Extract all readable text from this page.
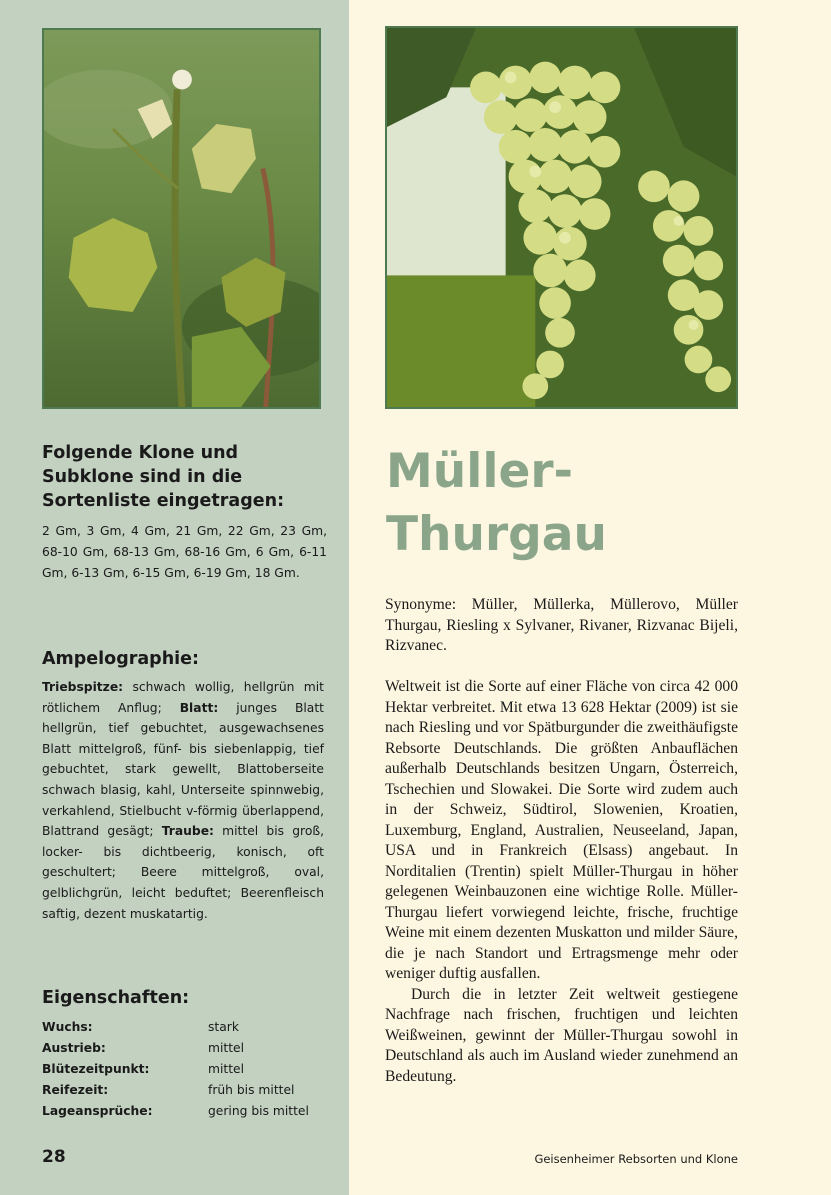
Folgende Klone und
Subklone sind in die
Sortenliste eingetragen:
2 Gm, 3 Gm, 4 Gm, 21 Gm, 22 Gm, 23 Gm, 68-10 Gm, 68-13 Gm, 68-16 Gm, 6 Gm, 6-11 Gm, 6-13 Gm, 6-15 Gm, 6-19 Gm, 18 Gm.
Ampelographie:
Triebspitze: schwach wollig, hellgrün mit rötlichem Anflug; Blatt: junges Blatt hellgrün, tief gebuchtet, ausgewachsenes Blatt mittelgroß, fünf- bis siebenlappig, tief gebuchtet, stark gewellt, Blattoberseite schwach blasig, kahl, Unterseite spinnwebig, verkahlend, Stielbucht v-förmig überlappend, Blattrand gesägt; Traube: mittel bis groß, locker- bis dichtbeerig, konisch, oft geschultert; Beere mittelgroß, oval, gelblichgrün, leicht beduftet; Beerenfleisch saftig, dezent muskatartig.
Eigenschaften:
Wuchs:	stark
Austrieb:	mittel
Blütezeitpunkt:	mittel
Reifezeit:	früh bis mittel
Lageansprüche:	gering bis mittel
28
Müller-
Thurgau
Synonyme: Müller, Müllerka, Müllerovo, Müller Thurgau, Riesling x Sylvaner, Rivaner, Rizvanac Bijeli, Rizvanec.

Weltweit ist die Sorte auf einer Fläche von circa 42 000 Hektar verbreitet. Mit etwa 13 628 Hektar (2009) ist sie nach Riesling und vor Spätburgunder die zweithäufigste Rebsorte Deutschlands. Die größten Anbauflächen außerhalb Deutschlands besitzen Ungarn, Österreich, Tschechien und Slowakei. Die Sorte wird zudem auch in der Schweiz, Südtirol, Slowenien, Kroatien, Luxemburg, England, Australien, Neuseeland, Japan, USA und in Frankreich (Elsass) angebaut. In Norditalien (Trentin) spielt Müller-Thurgau in höher gelegenen Weinbauzonen eine wichtige Rolle. Müller-Thurgau liefert vorwiegend leichte, frische, fruchtige Weine mit einem dezenten Muskatton und milder Säure, die je nach Standort und Ertragsmenge mehr oder weniger duftig ausfallen.

Durch die in letzter Zeit weltweit gestiegene Nachfrage nach frischen, fruchtigen und leichten Weißweinen, gewinnt der Müller-Thurgau sowohl in Deutschland als auch im Ausland wieder zunehmend an Bedeutung.

Geisenheimer Rebsorten und Klone
